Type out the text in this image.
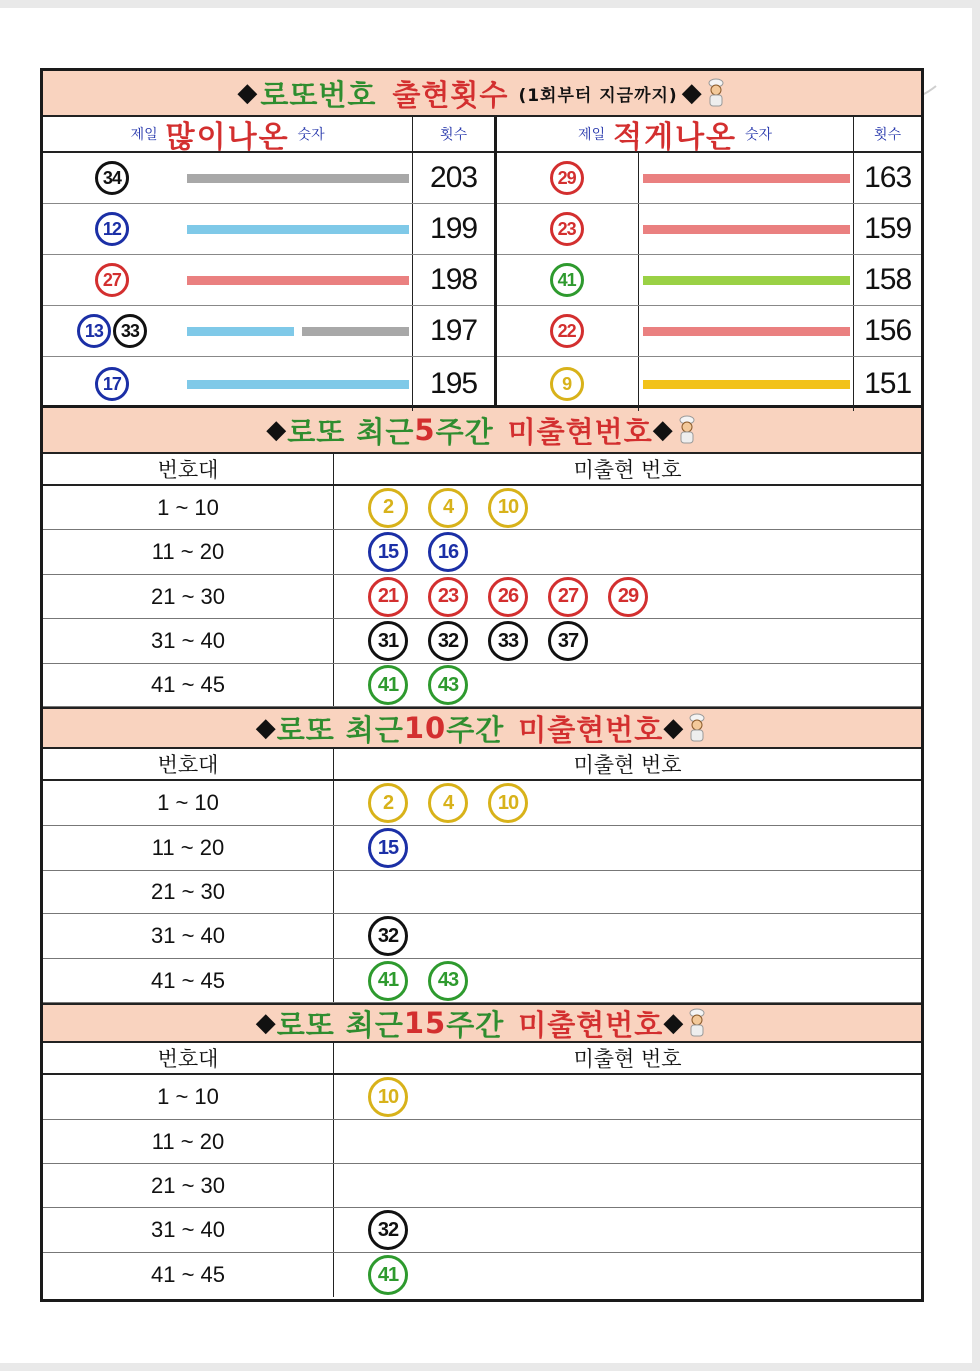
◆ 로또번호 출현횟수 (1회부터 지금까지) ◆
제일 많이나온 숫자	횟수
34	203
12	199
27	198
13 33	197
17	195
제일 적게나온 숫자	횟수
29	163
23	159
41	158
22	156
9	151
◆ 로또 최근 5 주간 미출현번호 ◆
번호대	미출현 번호
1 ~ 10	2	4	10
11 ~ 20	15	16
21 ~ 30	21	23	26	27	29
31 ~ 40	31	32	33	37
41 ~ 45	41	43
◆ 로또 최근 10 주간 미출현번호 ◆
번호대	미출현 번호
1 ~ 10	2	4	10
11 ~ 20	15
21 ~ 30
31 ~ 40	32
41 ~ 45	41	43
◆ 로또 최근 15 주간 미출현번호 ◆
번호대	미출현 번호
1 ~ 10	10
11 ~ 20
21 ~ 30
31 ~ 40	32
41 ~ 45	41
